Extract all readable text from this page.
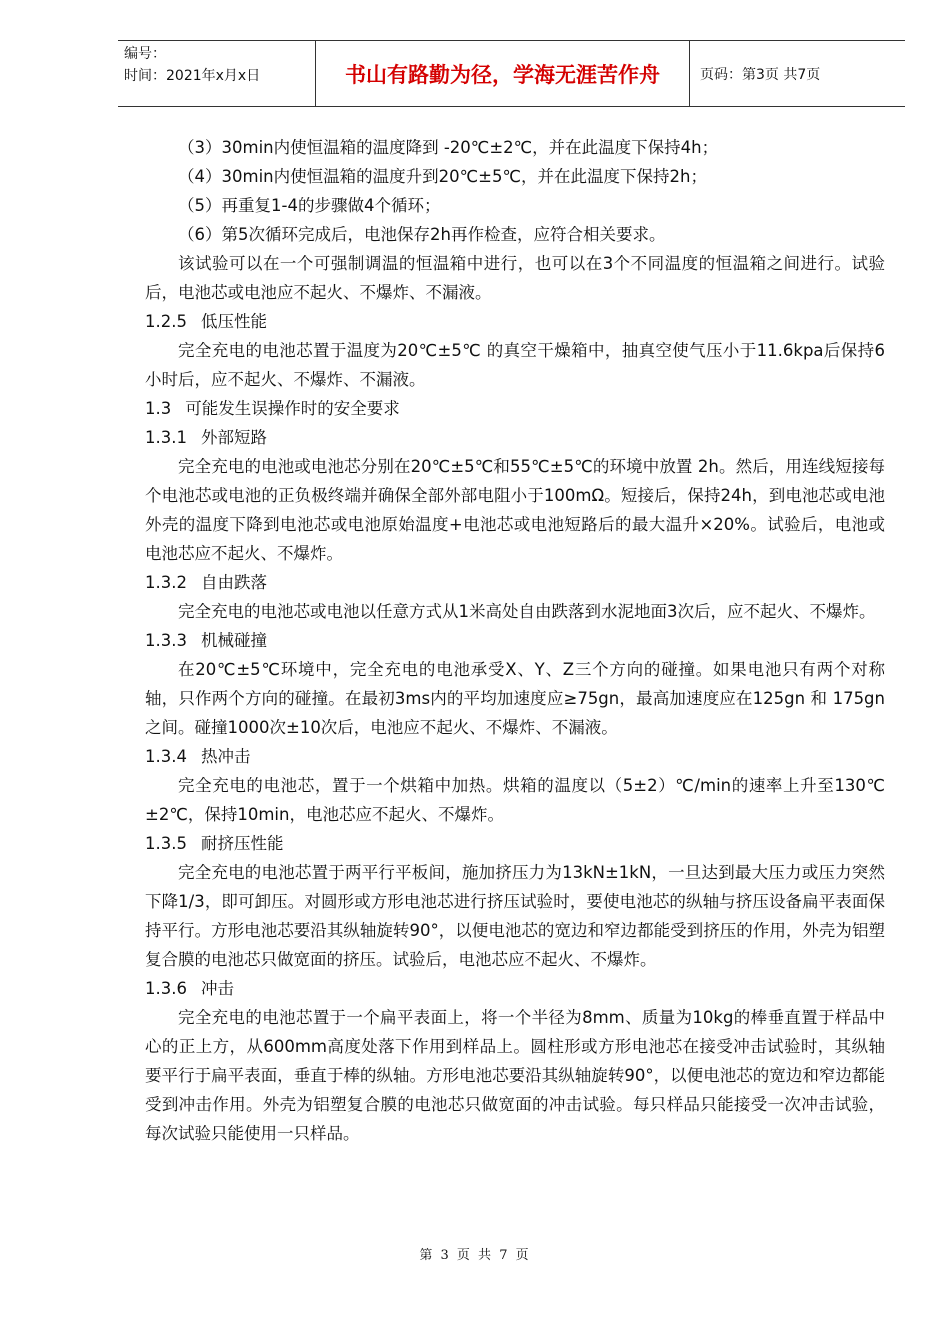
编号：
时间：2021年x月x日	书山有路勤为径，学海无涯苦作舟	页码：第3页 共7页

（3）30min内使恒温箱的温度降到 -20℃±2℃，并在此温度下保持4h；

（4）30min内使恒温箱的温度升到20℃±5℃，并在此温度下保持2h；

（5）再重复1-4的步骤做4个循环；

（6）第5次循环完成后，电池保存2h再作检查，应符合相关要求。

该试验可以在一个可强制调温的恒温箱中进行，也可以在3个不同温度的恒温箱之间进行。试验后，电池芯或电池应不起火、不爆炸、不漏液。

1.2.5 低压性能

完全充电的电池芯置于温度为20℃±5℃ 的真空干燥箱中，抽真空使气压小于11.6kpa后保持6小时后，应不起火、不爆炸、不漏液。

1.3 可能发生误操作时的安全要求

1.3.1 外部短路

完全充电的电池或电池芯分别在20℃±5℃和55℃±5℃的环境中放置 2h。然后，用连线短接每个电池芯或电池的正负极终端并确保全部外部电阻小于100mΩ。短接后，保持24h，到电池芯或电池外壳的温度下降到电池芯或电池原始温度+电池芯或电池短路后的最大温升×20%。试验后，电池或电池芯应不起火、不爆炸。

1.3.2 自由跌落

完全充电的电池芯或电池以任意方式从1米高处自由跌落到水泥地面3次后，应不起火、不爆炸。

1.3.3 机械碰撞

在20℃±5℃环境中，完全充电的电池承受X、Y、Z三个方向的碰撞。如果电池只有两个对称轴，只作两个方向的碰撞。在最初3ms内的平均加速度应≥75gn，最高加速度应在125gn 和 175gn之间。碰撞1000次±10次后，电池应不起火、不爆炸、不漏液。

1.3.4 热冲击

完全充电的电池芯，置于一个烘箱中加热。烘箱的温度以（5±2）℃/min的速率上升至130℃±2℃，保持10min，电池芯应不起火、不爆炸。

1.3.5 耐挤压性能

完全充电的电池芯置于两平行平板间，施加挤压力为13kN±1kN，一旦达到最大压力或压力突然下降1/3，即可卸压。对圆形或方形电池芯进行挤压试验时，要使电池芯的纵轴与挤压设备扁平表面保持平行。方形电池芯要沿其纵轴旋转90°，以便电池芯的宽边和窄边都能受到挤压的作用，外壳为铝塑复合膜的电池芯只做宽面的挤压。试验后，电池芯应不起火、不爆炸。

1.3.6 冲击

完全充电的电池芯置于一个扁平表面上，将一个半径为8mm、质量为10kg的棒垂直置于样品中心的正上方，从600mm高度处落下作用到样品上。圆柱形或方形电池芯在接受冲击试验时，其纵轴要平行于扁平表面，垂直于棒的纵轴。方形电池芯要沿其纵轴旋转90°，以便电池芯的宽边和窄边都能受到冲击作用。外壳为铝塑复合膜的电池芯只做宽面的冲击试验。每只样品只能接受一次冲击试验，每次试验只能使用一只样品。

第 3 页 共 7 页
